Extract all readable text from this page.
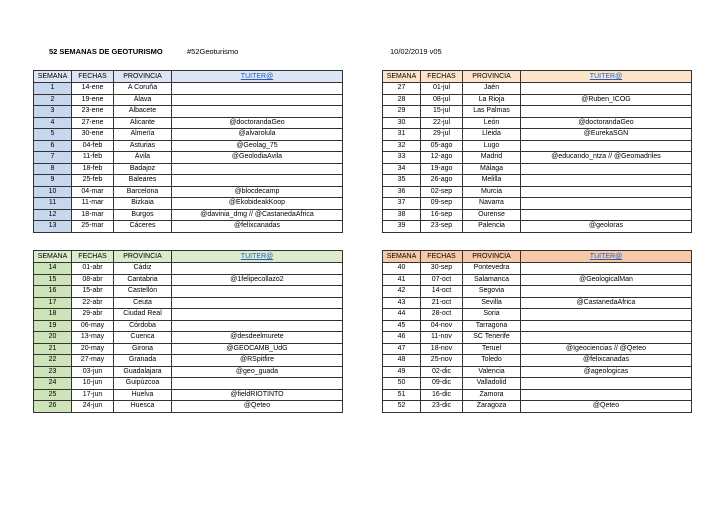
52 SEMANAS DE GEOTURISMO	#52Geoturismo	10/02/2019 v05
SEMANA	FECHAS	PROVINCIA	TUITER@
1	14-ene	A Coruña	
2	19-ene	Álava	
3	23-ene	Albacete	
4	27-ene	Alicante	@doctorandaGeo
5	30-ene	Almería	@alvarolula
6	04-feb	Asturias	@Geolag_75
7	11-feb	Ávila	@GeolodiaAvila
8	18-feb	Badajoz	
9	25-feb	Baleares	
10	04-mar	Barcelona	@blocdecamp
11	11-mar	Bizkaia	@EkobideakKoop
12	18-mar	Burgos	@davinia_dmg // @CastanedaAfrica
13	25-mar	Cáceres	@felixcanadas
SEMANA	FECHAS	PROVINCIA	TUITER@
27	01-jul	Jaén	
28	08-jul	La Rioja	@Ruben_ICOG
29	15-jul	Las Palmas	
30	22-jul	León	@doctorandaGeo
31	29-jul	Lleida	@EurekaSGN
32	05-ago	Lugo	
33	12-ago	Madrid	@educando_ntza // @Geomadriles
34	19-ago	Málaga	
35	26-ago	Melilla	
36	02-sep	Murcia	
37	09-sep	Navarra	
38	16-sep	Ourense	
39	23-sep	Palencia	@geoloras
SEMANA	FECHAS	PROVINCIA	TUITER@
14	01-abr	Cádiz	
15	08-abr	Cantabria	@1felipecollazo2
16	15-abr	Castellón	
17	22-abr	Ceuta	
18	29-abr	Ciudad Real	
19	06-may	Córdoba	
20	13-may	Cuenca	@desdeelmurete
21	20-may	Girona	@GEOCAMB_UdG
22	27-may	Granada	@RSpitfire
23	03-jun	Guadalajara	@geo_guada
24	10-jun	Guipúzcoa	
25	17-jun	Huelva	@fieldRIOTINTO
26	24-jun	Huesca	@Qeteo
SEMANA	FECHAS	PROVINCIA	TUITER@
40	30-sep	Pontevedra	
41	07-oct	Salamanca	@GeologicalMan
42	14-oct	Segovia	
43	21-oct	Sevilla	@CastanedaAfrica
44	28-oct	Soria	
45	04-nov	Tarragona	
46	11-nov	SC Tenerife	
47	18-nov	Teruel	@Igeociencias // @Qeteo
48	25-nov	Toledo	@felixcanadas
49	02-dic	Valencia	@ageologicas
50	09-dic	Valladolid	
51	16-dic	Zamora	
52	23-dic	Zaragoza	@Qeteo
